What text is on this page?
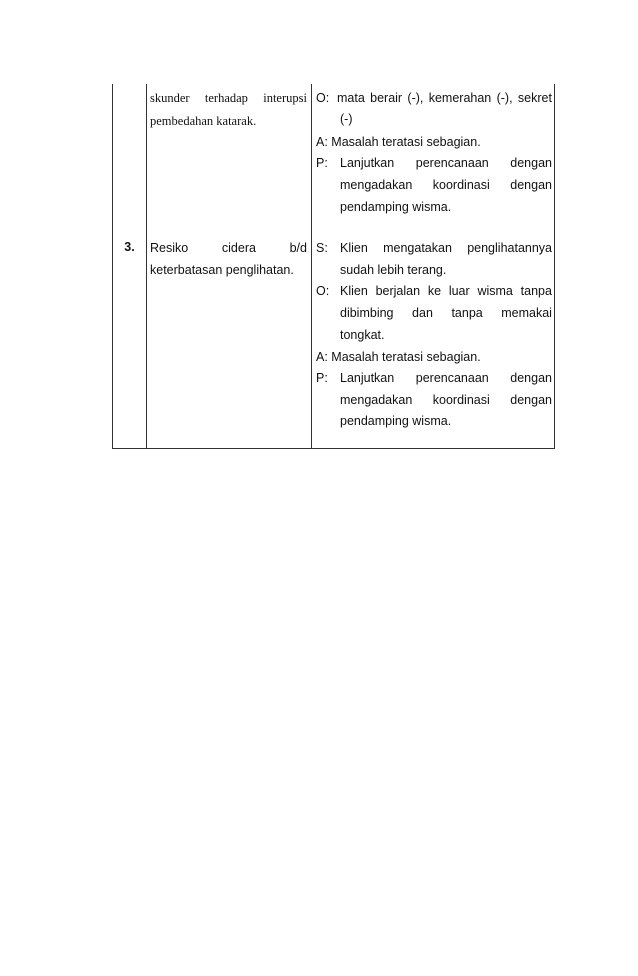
3.
skunder terhadap interupsi
pembedahan katarak.
Resiko	cidera	b/d
keterbatasan penglihatan.
O: mata berair (-), kemerahan (-), sekret
(-)
A: Masalah teratasi sebagian.
P: Lanjutkan perencanaan dengan
mengadakan koordinasi dengan
pendamping wisma.
S: Klien mengatakan penglihatannya
sudah lebih terang.
O: Klien berjalan ke luar wisma tanpa
dibimbing dan tanpa memakai
tongkat.
A: Masalah teratasi sebagian.
P: Lanjutkan perencanaan dengan
mengadakan koordinasi dengan
pendamping wisma.
